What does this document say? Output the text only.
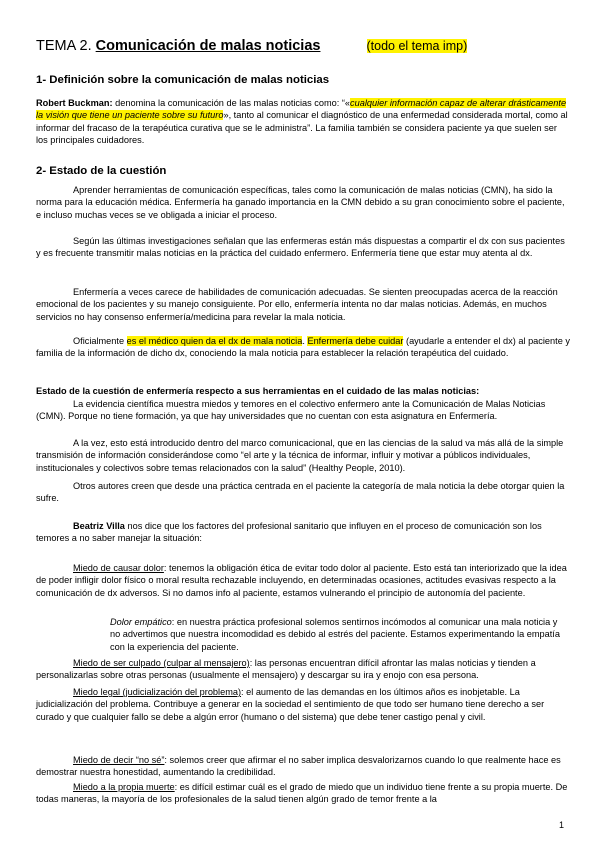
TEMA 2. Comunicación de malas noticias	(todo el tema imp)

1- Definición sobre la comunicación de malas noticias

Robert Buckman: denomina la comunicación de las malas noticias como: “«cualquier información capaz de alterar drásticamente la visión que tiene un paciente sobre su futuro», tanto al comunicar el diagnóstico de una enfermedad considerada mortal, como al informar del fracaso de la terapéutica curativa que se le administra”. La familia también se considera paciente ya que suelen ser los principales cuidadores.

2- Estado de la cuestión

Aprender herramientas de comunicación específicas, tales como la comunicación de malas noticias (CMN), ha sido la norma para la educación médica. Enfermería ha ganado importancia en la CMN debido a su gran conocimiento sobre el paciente, e incluso muchas veces se ve obligada a iniciar el proceso.

Según las últimas investigaciones señalan que las enfermeras están más dispuestas a compartir el dx con sus pacientes y es frecuente transmitir malas noticias en la práctica del cuidado enfermero. Enfermería tiene que estar muy atenta al dx.

Enfermería a veces carece de habilidades de comunicación adecuadas. Se sienten preocupadas acerca de la reacción emocional de los pacientes y su manejo consiguiente. Por ello, enfermería intenta no dar malas noticias. Además, en muchos servicios no hay consenso enfermería/medicina para revelar la mala noticia.

Oficialmente es el médico quien da el dx de mala noticia. Enfermería debe cuidar (ayudarle a entender el dx) al paciente y familia de la información de dicho dx, conociendo la mala noticia para establecer la relación terapéutica del cuidado.

Estado de la cuestión de enfermería respecto a sus herramientas en el cuidado de las malas noticias:

La evidencia científica muestra miedos y temores en el colectivo enfermero ante la Comunicación de Malas Noticias (CMN). Porque no tiene formación, ya que hay universidades que no cuentan con esta asignatura en Enfermería.

A la vez, esto está introducido dentro del marco comunicacional, que en las ciencias de la salud va más allá de la simple transmisión de información considerándose como “el arte y la técnica de informar, influir y motivar a públicos individuales, institucionales y colectivos sobre temas relacionados con la salud” (Healthy People, 2010).

Otros autores creen que desde una práctica centrada en el paciente la categoría de mala noticia la debe otorgar quien la sufre.

Beatriz Villa nos dice que los factores del profesional sanitario que influyen en el proceso de comunicación son los temores a no saber manejar la situación:

Miedo de causar dolor: tenemos la obligación ética de evitar todo dolor al paciente. Esto está tan interiorizado que la idea de poder infligir dolor físico o moral resulta rechazable incluyendo, en determinadas ocasiones, actitudes evasivas respecto a la comunicación de dx adversos. Si no damos info al paciente, estamos vulnerando el principio de autonomía del paciente.

Dolor empático: en nuestra práctica profesional solemos sentirnos incómodos al comunicar una mala noticia y no advertimos que nuestra incomodidad es debido al estrés del paciente. Estamos experimentando la empatía con la experiencia del paciente.

Miedo de ser culpado (culpar al mensajero): las personas encuentran difícil afrontar las malas noticias y tienden a personalizarlas sobre otras personas (usualmente el mensajero) y descargar su ira y enojo con esa persona.

Miedo legal (judicialización del problema): el aumento de las demandas en los últimos años es inobjetable. La judicialización del problema. Contribuye a generar en la sociedad el sentimiento de que todo ser humano tiene derecho a ser curado y que cualquier fallo se debe a algún error (humano o del sistema) que debe tener castigo penal y civil.

Miedo de decir “no sé”: solemos creer que afirmar el no saber implica desvalorizarnos cuando lo que realmente hace es demostrar nuestra honestidad, aumentando la credibilidad.

Miedo a la propia muerte: es difícil estimar cuál es el grado de miedo que un individuo tiene frente a su propia muerte. De todas maneras, la mayoría de los profesionales de la salud tienen algún grado de temor frente a la

1
